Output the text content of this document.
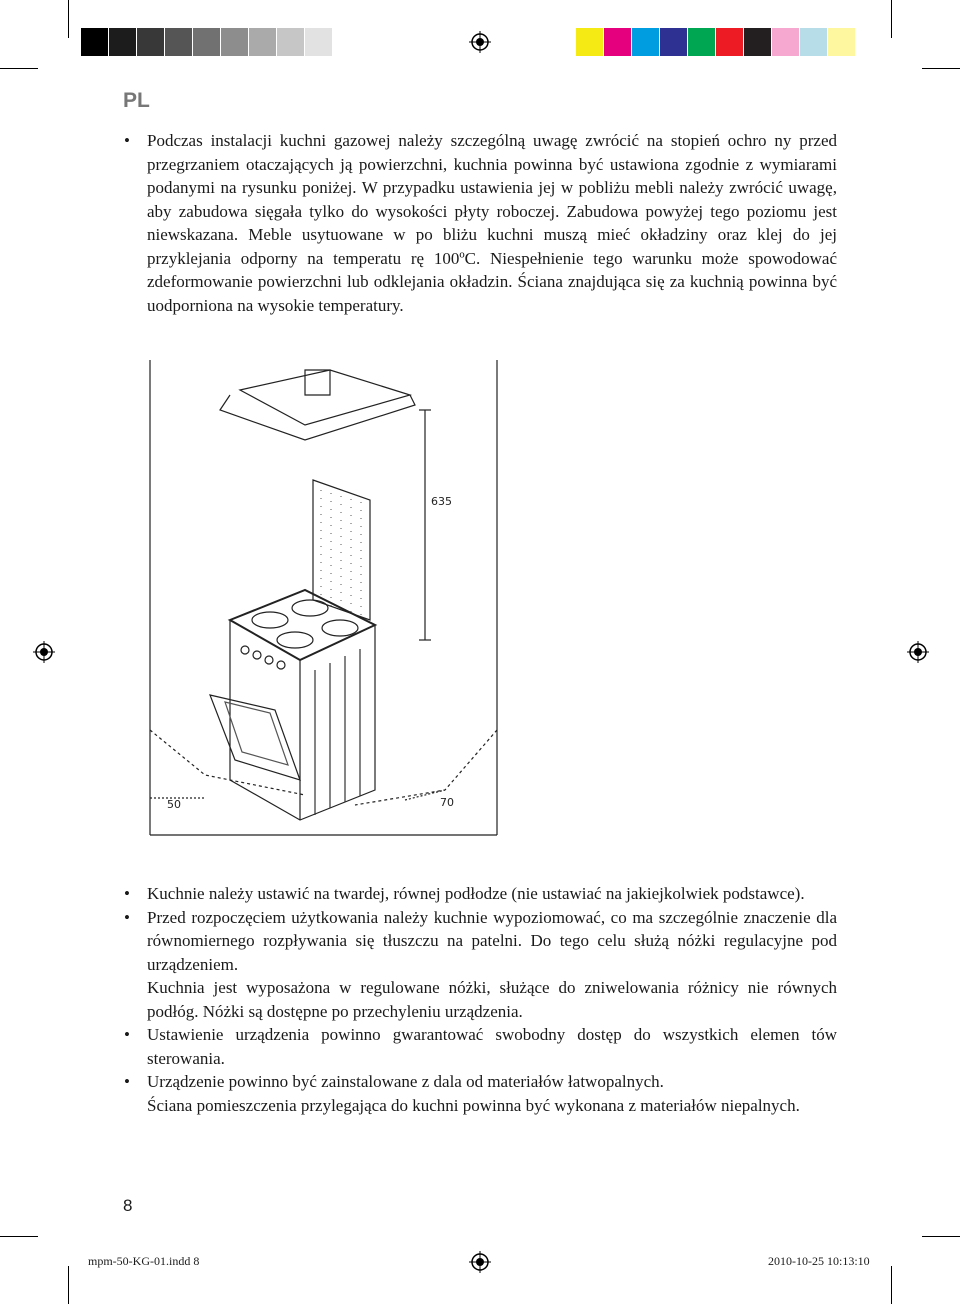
PL
• Podczas instalacji kuchni gazowej należy szczególną uwagę zwrócić na stopień ochro ny przed przegrzaniem otaczających ją powierzchni, kuchnia powinna być ustawiona zgodnie z wymiarami podanymi na rysunku poniżej. W przypadku ustawienia jej w pobliżu mebli należy zwrócić uwagę, aby zabudowa sięgała tylko do wysokości płyty roboczej. Zabudowa powyżej tego poziomu jest niewskazana. Meble usytuowane w po bliżu kuchni muszą mieć okładziny oraz klej do jej przyklejania odporny na temperatu rę 100ºC. Niespełnienie tego warunku może spowodować zdeformowanie powierzchni lub odklejania okładzin. Ściana znajdująca się za kuchnią powinna być uodporniona na wysokie temperatury.

635
50	70
• Kuchnie należy ustawić na twardej, równej podłodze (nie ustawiać na jakiejkolwiek podstawce).

• Przed rozpoczęciem użytkowania należy kuchnie wypoziomować, co ma szczególnie znaczenie dla równomiernego rozpływania się tłuszczu na patelni. Do tego celu służą nóżki regulacyjne pod urządzeniem.

Kuchnia jest wyposażona w regulowane nóżki, służące do zniwelowania różnicy nie równych podłóg. Nóżki są dostępne po przechyleniu urządzenia.

• Ustawienie urządzenia powinno gwarantować swobodny dostęp do wszystkich elemen tów sterowania.

• Urządzenie powinno być zainstalowane z dala od materiałów łatwopalnych.

Ściana pomieszczenia przylegająca do kuchni powinna być wykonana z materiałów niepalnych.

8
mpm-50-KG-01.indd 8	2010-10-25 10:13:10
